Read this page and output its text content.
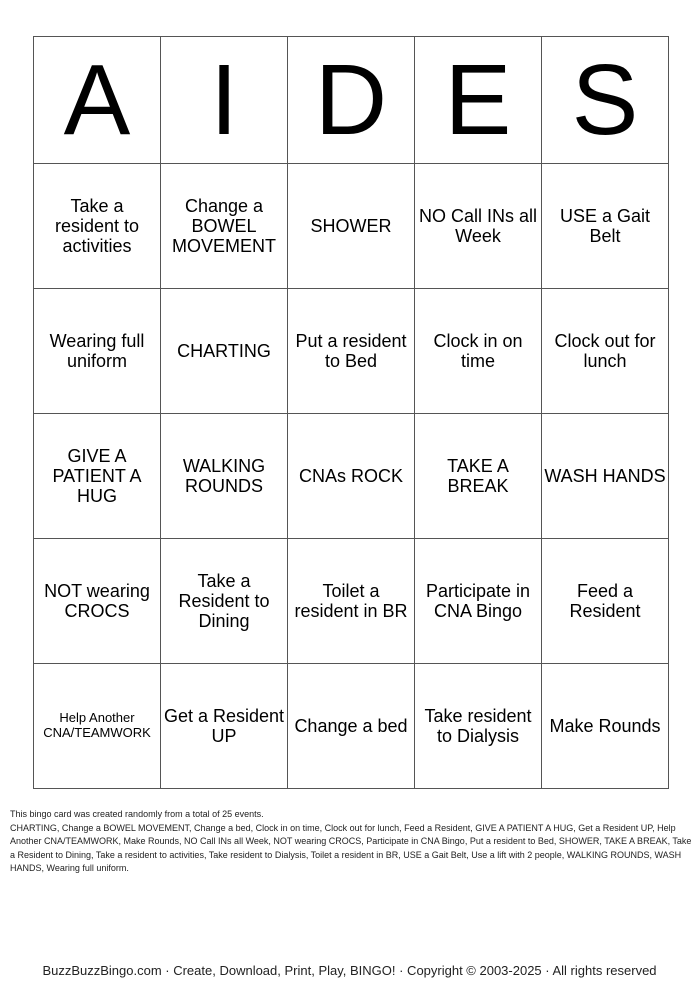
A	I	D	E	S
Take a resident to activities	Change a BOWEL MOVEMENT	SHOWER	NO Call INs all Week	USE a Gait Belt
Wearing full uniform	CHARTING	Put a resident to Bed	Clock in on time	Clock out for lunch
GIVE A PATIENT A HUG	WALKING ROUNDS	CNAs ROCK	TAKE A BREAK	WASH HANDS
NOT wearing CROCS	Take a Resident to Dining	Toilet a resident in BR	Participate in CNA Bingo	Feed a Resident
Help Another CNA/TEAMWORK	Get a Resident UP	Change a bed	Take resident to Dialysis	Make Rounds

This bingo card was created randomly from a total of 25 events.

CHARTING, Change a BOWEL MOVEMENT, Change a bed, Clock in on time, Clock out for lunch, Feed a Resident, GIVE A PATIENT A HUG, Get a Resident UP, Help Another CNA/TEAMWORK, Make Rounds, NO Call INs all Week, NOT wearing CROCS, Participate in CNA Bingo, Put a resident to Bed, SHOWER, TAKE A BREAK, Take a Resident to Dining, Take a resident to activities, Take resident to Dialysis, Toilet a resident in BR, USE a Gait Belt, Use a lift with 2 people, WALKING ROUNDS, WASH HANDS, Wearing full uniform.

BuzzBuzzBingo.com · Create, Download, Print, Play, BINGO! · Copyright © 2003-2025 · All rights reserved
